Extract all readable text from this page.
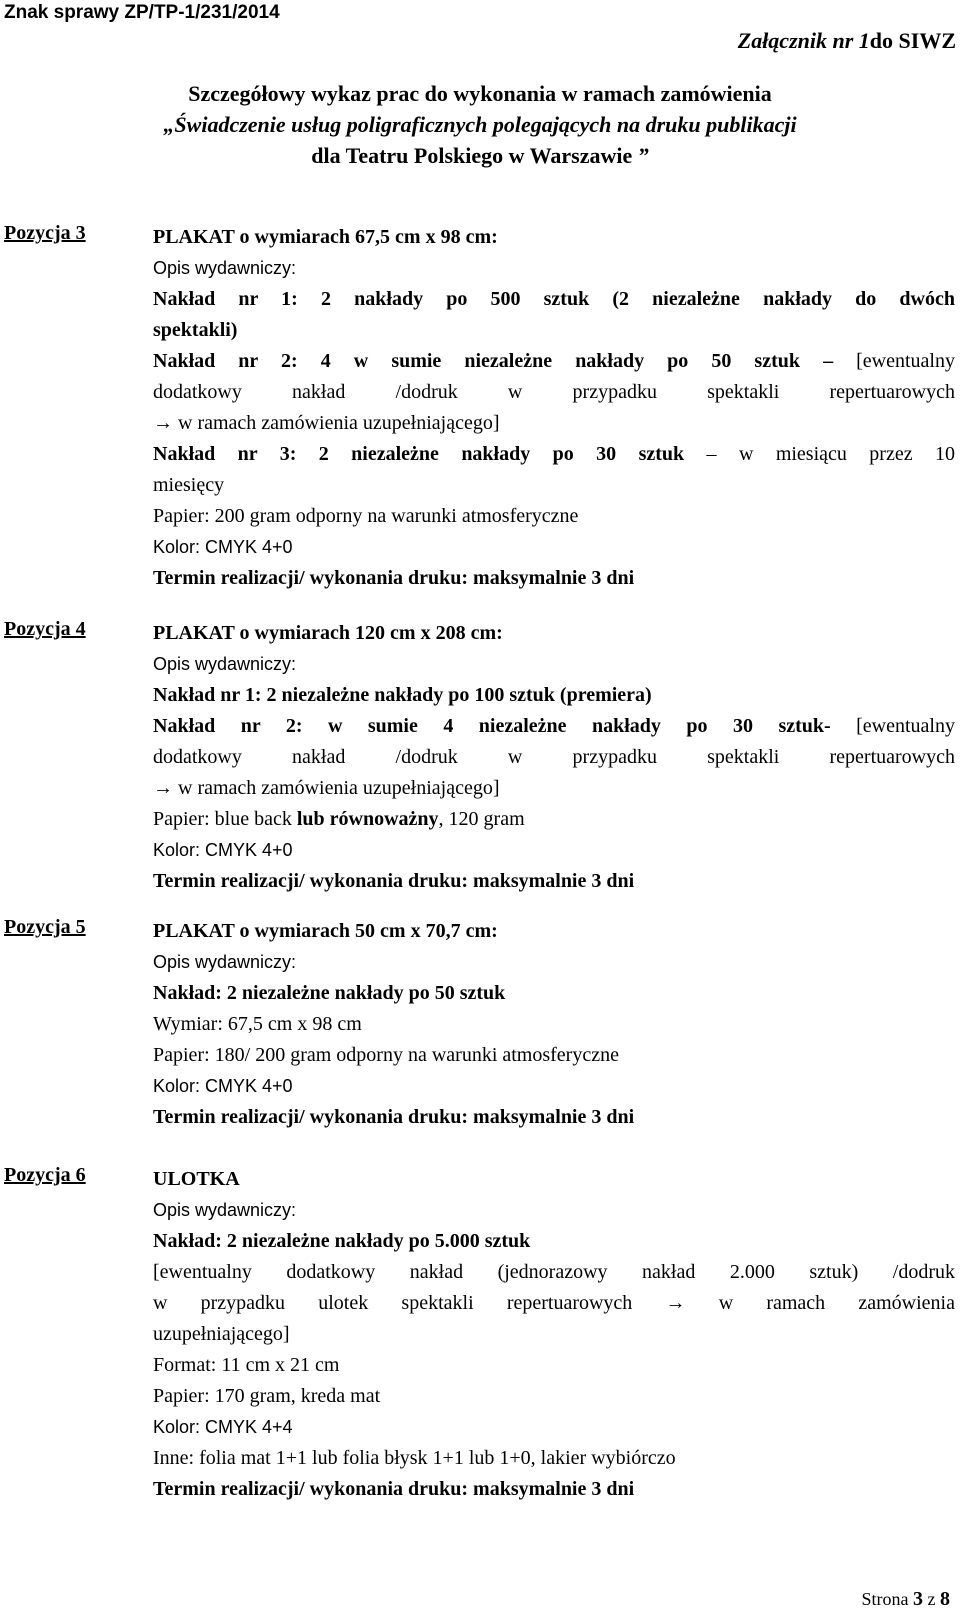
Znak sprawy ZP/TP-1/231/2014
Załącznik nr 1do SIWZ
Szczegółowy wykaz prac do wykonania w ramach zamówienia
„Świadczenie usług poligraficznych polegających na druku publikacji
dla Teatru Polskiego w Warszawie ”
Pozycja 3	PLAKAT o wymiarach 67,5 cm x 98 cm:
Opis wydawniczy:
Nakład nr 1: 2 nakłady po 500 sztuk (2 niezależne nakłady do dwóch
spektakli)
Nakład nr 2: 4 w sumie niezależne nakłady po 50 sztuk – [ewentualny
dodatkowy nakład /dodruk w przypadku spektakli repertuarowych
→ w ramach zamówienia uzupełniającego]
Nakład nr 3: 2 niezależne nakłady po 30 sztuk – w miesiącu przez 10
miesięcy
Papier: 200 gram odporny na warunki atmosferyczne
Kolor: CMYK 4+0
Termin realizacji/ wykonania druku: maksymalnie 3 dni
Pozycja 4	PLAKAT o wymiarach 120 cm x 208 cm:
Opis wydawniczy:
Nakład nr 1: 2 niezależne nakłady po 100 sztuk (premiera)
Nakład nr 2: w sumie 4 niezależne nakłady po 30 sztuk- [ewentualny
dodatkowy nakład /dodruk w przypadku spektakli repertuarowych
→ w ramach zamówienia uzupełniającego]
Papier: blue back lub równoważny, 120 gram
Kolor: CMYK 4+0
Termin realizacji/ wykonania druku: maksymalnie 3 dni
Pozycja 5	PLAKAT o wymiarach 50 cm x 70,7 cm:
Opis wydawniczy:
Nakład: 2 niezależne nakłady po 50 sztuk
Wymiar: 67,5 cm x 98 cm
Papier: 180/ 200 gram odporny na warunki atmosferyczne
Kolor: CMYK 4+0
Termin realizacji/ wykonania druku: maksymalnie 3 dni
Pozycja 6	ULOTKA
Opis wydawniczy:
Nakład: 2 niezależne nakłady po 5.000 sztuk
[ewentualny dodatkowy nakład (jednorazowy nakład 2.000 sztuk) /dodruk
w przypadku ulotek spektakli repertuarowych → w ramach zamówienia
uzupełniającego]
Format: 11 cm x 21 cm
Papier: 170 gram, kreda mat
Kolor: CMYK 4+4
Inne: folia mat 1+1 lub folia błysk 1+1 lub 1+0, lakier wybiórczo
Termin realizacji/ wykonania druku: maksymalnie 3 dni
Strona 3 z 8
